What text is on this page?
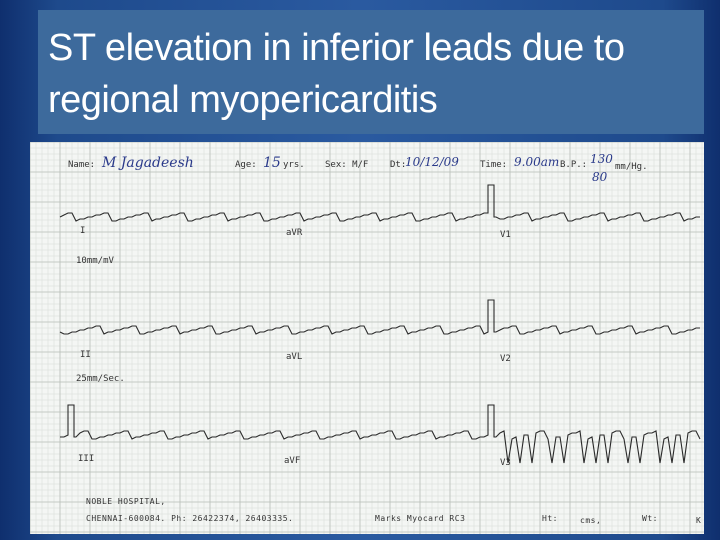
ST elevation in inferior leads due to
regional myopericarditis
Name: M Jagadeesh	Age: 15 yrs. Sex: M/F Dt:
10/12/09 Time: 9.00am B.P.: 130
80
mm/Hg.
I	aVR	V1
II	aVL	V2
III	aVF	V3
10mm/mV
25mm/Sec.
NOBLE HOSPITAL,
CHENNAI-600084. Ph: 26422374, 26403335.	Marks Myocard RC3	Ht:	cms,	Wt:	K
